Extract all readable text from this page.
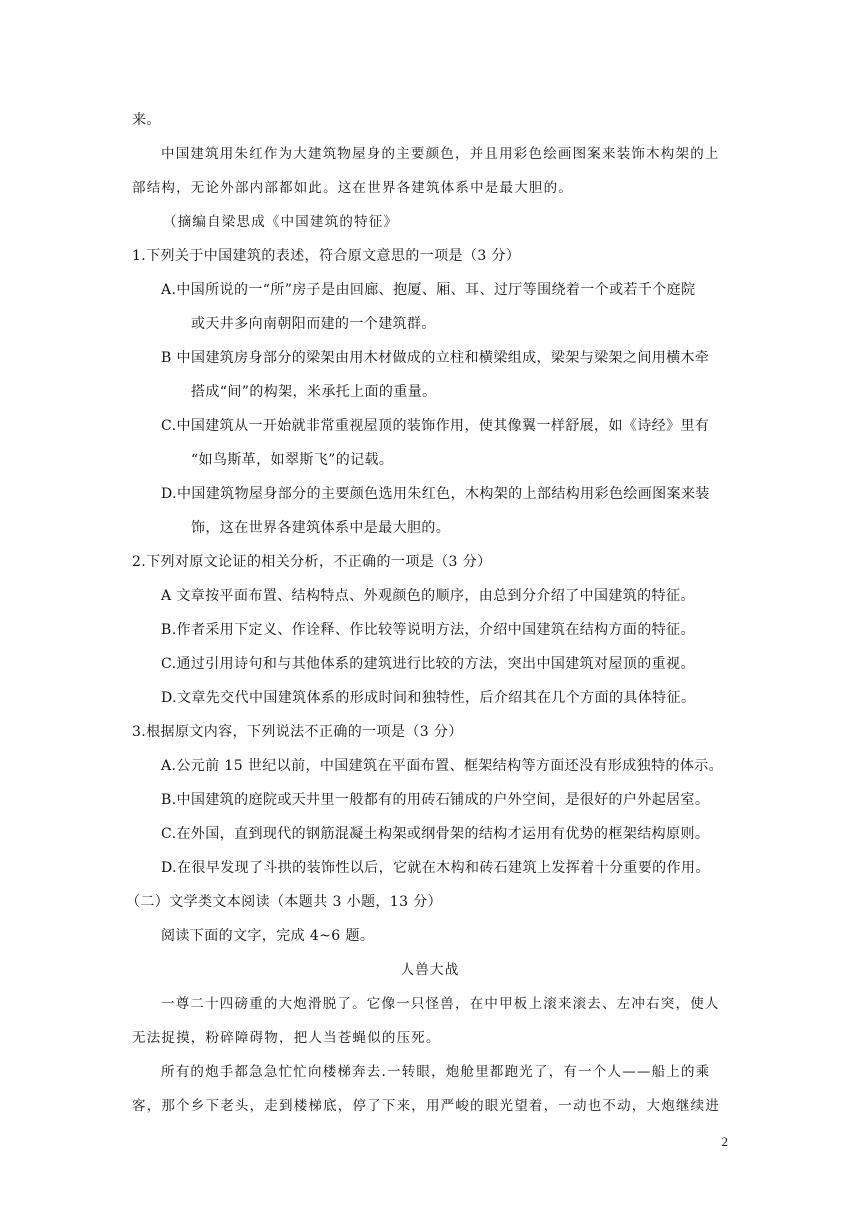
来。
中国建筑用朱红作为大建筑物屋身的主要颜色，并且用彩色绘画图案来装饰木构架的上
部结构，无论外部内部都如此。这在世界各建筑体系中是最大胆的。
（摘编自梁思成《中国建筑的特征》
1.下列关于中国建筑的表述，符合原文意思的一项是（3 分）
A.中国所说的一“所”房子是由回廊、抱厦、厢、耳、过厅等围绕着一个或若千个庭院
或天井多向南朝阳而建的一个建筑群。
B 中国建筑房身部分的梁架由用木材做成的立柱和横梁组成，梁架与梁架之间用横木牵
搭成“间”的构架，米承托上面的重量。
C.中国建筑从一开始就非常重视屋顶的装饰作用，使其像翼一样舒展，如《诗经》里有
“如鸟斯革，如翠斯飞”的记载。
D.中国建筑物屋身部分的主要颜色选用朱红色，木构架的上部结构用彩色绘画图案来装
饰，这在世界各建筑体系中是最大胆的。
2.下列对原文论证的相关分析，不正确的一项是（3 分）
A 文章按平面布置、结构特点、外观颜色的顺序，由总到分介绍了中国建筑的特征。
B.作者采用下定义、作诠释、作比较等说明方法，介绍中国建筑在结构方面的特征。
C.通过引用诗句和与其他体系的建筑进行比较的方法，突出中国建筑对屋顶的重视。
D.文章先交代中国建筑体系的形成时间和独特性，后介绍其在几个方面的具体特征。
3.根据原文内容，下列说法不正确的一项是（3 分）
A.公元前 15 世纪以前，中国建筑在平面布置、框架结构等方面还没有形成独特的体示。
B.中国建筑的庭院或天井里一般都有的用砖石铺成的户外空间，是很好的户外起居室。
C.在外国，直到现代的钢筋混凝土构架或纲骨架的结构才运用有优势的框架结构原则。
D.在很早发现了斗拱的装饰性以后，它就在木构和砖石建筑上发挥着十分重要的作用。
（二）文学类文本阅读（本题共 3 小题，13 分）
阅读下面的文字，完成 4~6 题。
人兽大战
一尊二十四磅重的大炮滑脱了。它像一只怪兽，在中甲板上滚来滚去、左冲右突，使人
无法捉摸，粉碎障碍物，把人当苍蝇似的压死。
所有的炮手都急急忙忙向楼梯奔去.一转眼，炮舱里都跑光了，有一个人——船上的乘
客，那个乡下老头，走到楼梯底，停了下来，用严峻的眼光望着，一动也不动，大炮继续进
2
